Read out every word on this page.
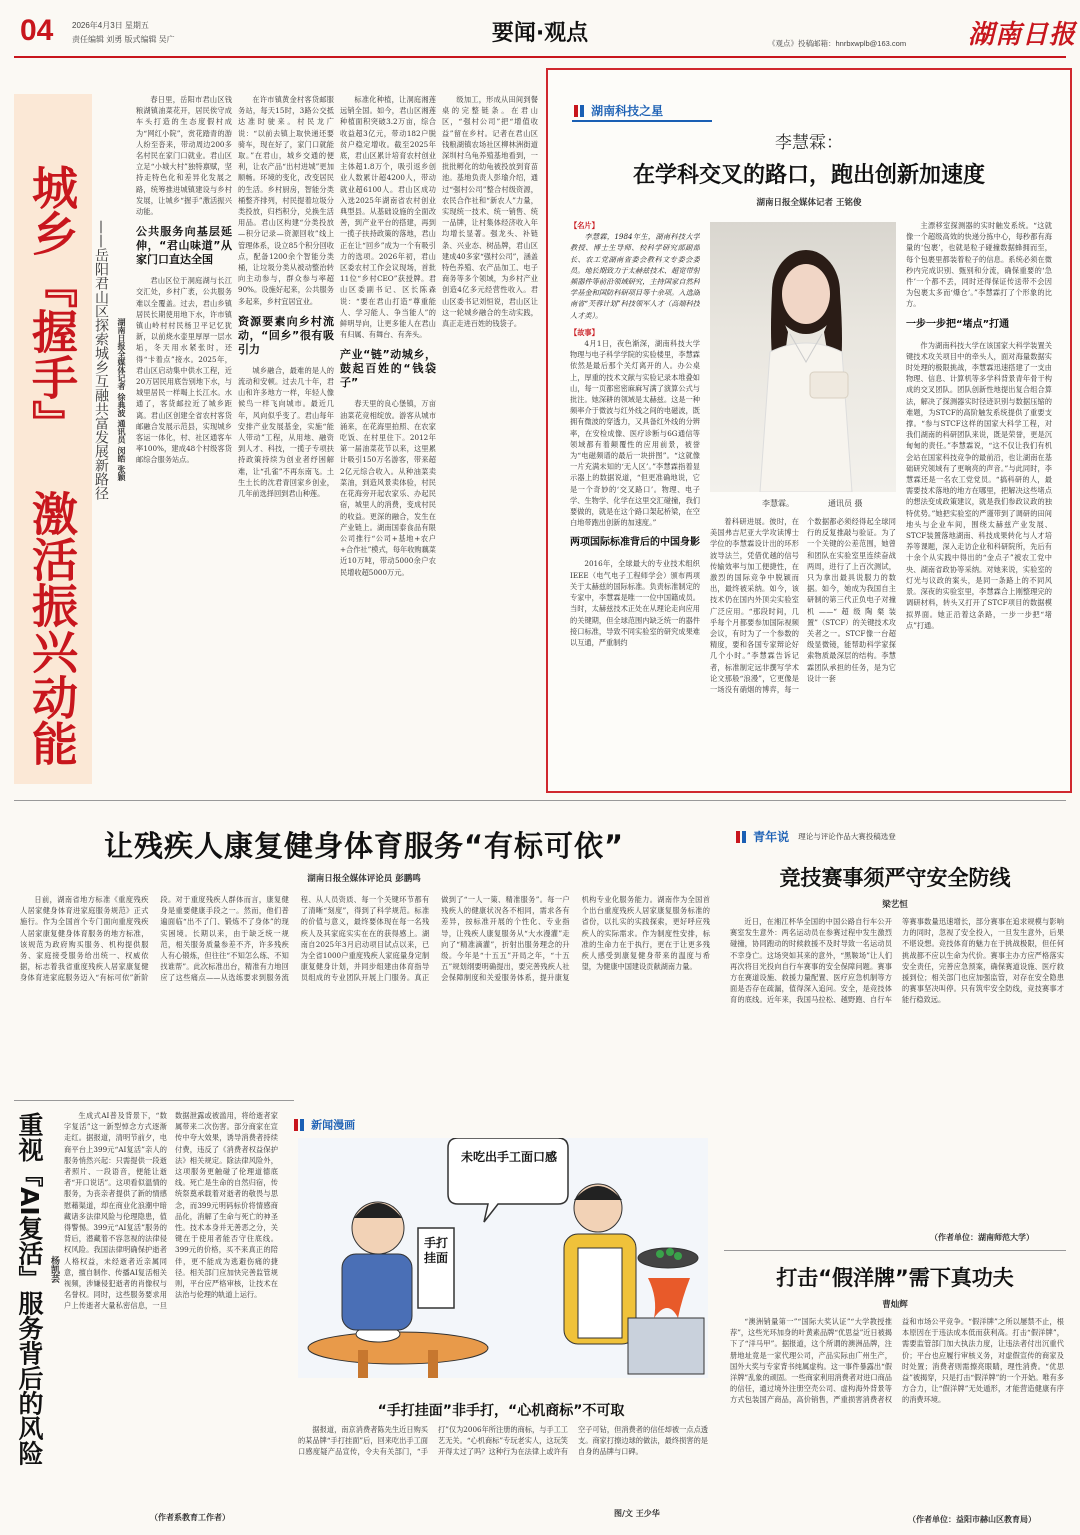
04 2026年4月3日 星期五
责任编辑 刘勇 版式编辑 吴广	要闻·观点	《观点》投稿邮箱：hnrbxwplb@163.com 湖南日报
城乡
『握手』
激活振兴动能
——岳阳君山区探索城乡互融共富发展新路径 湖南日报全媒体记者 徐典波 通讯员 闵皓 张颖

春日里，岳阳市君山区钱粮湖镇油菜花开，居民俟守成车头打造的生态度假村成为“网红小院”，赏花踏青的游人纷至沓来，带动周边200多名村民在家门口就业。君山区立足“小城大村”独特禀赋，坚持走特色化和差异化发展之路，统筹推进城镇建设与乡村发展，让城乡“握手”激活振兴动能。

公共服务向基层延伸，“君山味道”从家门口直达全国

君山区位于洞庭湖与长江交汇处，乡村广袤，公共服务难以全覆盖。过去，君山乡镇居民长期使用地下水，许市镇镇山岭村村民杨卫平记忆犹新，以前烧水壶里厚厚一层水垢，冬天用水紧张时，还得“卡着点”接水。2025年，君山区启动集中供水工程，近20万居民用底告别地下水，与城里居民一样喝上长江水。水通了，客货邮拉近了城乡距离。君山区创建全省农村客货邮融合发展示范县，实现城乡客运一体化，村、社区通客车率100%，建成48个村级客货邮综合服务站点。

在许市镇黄金村客货邮服务站，每天15时，3路公交抵达准时驶来。村民龙广说：“以前去镇上取快递还要骑车，现在好了，家门口就能取。”在君山，城乡交通的便利，让农产品“出村进城”更加顺畅。环境的变化，改变居民的生活。乡村厨房，智能分类桶整齐排列，村民提着垃圾分类投放，归档积分，兑换生活用品。君山区构建“分类投放—积分记录—资源回收”线上管理体系，设立85个积分回收点，配备1200余个智能分类桶，让垃圾分类从被动整治转向主动参与，群众参与率超90%。设施好起来，公共服务多起来，乡村宜居宜业。

资源要素向乡村流动，“回乡”很有吸引力

城乡融合，最难的是人的流动和安顿。过去几十年，君山和许多地方一样，年轻人像候鸟一样飞向城市。最近几年，风向似乎变了。君山每年安排产业发展基金，实施“能人带动”工程，从用地、融资到人才、科技，一揽子专项扶持政策持续为创业者纾困解难，让“孔雀”不再东南飞。土生土长的沈君青回家乡创业，几年前选择回到君山种莲。

标准化种植，让洞庭湘莲远销全国。如今，君山区湘莲种植面积突破3.2万亩，综合收益超3亿元，带动182户脱贫户稳定增收。截至2025年底，君山区累计培育农村创业主体超1.8万个，吸引返乡创业人数累计超4200人，带动就业超6100人。君山区成功入选2025年湖南省农村创业典型县。从基础设施的全面改善，到产业平台的搭建，再到一揽子扶持政策的落地，君山正在让“回乡”成为一个有吸引力的选项。2026年初，君山区委农村工作会议现场，首批11位“乡村CEO”获授牌。君山区委副书记、区长陈森说：“要在君山打造“尊重能人、学习能人、争当能人”的鲜明导向，让更多能人在君山有归属、有舞台、有奔头。

产业“链”动城乡，鼓起百姓的“钱袋子”

春天里的良心堡镇，万亩油菜花竞相绽放。游客从城市涌来，在花海里拍照、在农家吃饭、在村里住下。2012年第一届油菜花节以来，这里累计吸引150万名游客，带来超2亿元综合收入。从种油菜卖菜油，到造风景卖体验，村民在花海旁开起农家乐、办起民宿，城里人的消费，变成村民的收益。更深的融合，发生在产业链上。湖南国泰食品有限公司推行“公司+基地+农户+合作社”模式，每年收购藕菜近10万吨，带动5000余户农民增收超5000万元。

级加工，形成从田间到餐桌的完整链条。在君山区，“强村公司”把“增值收益”留在乡村。记者在君山区钱粮湖镇农场社区柳林洲街道深圳村乌龟养殖基地看到，一批批孵化的幼龟被投放到育苗池。基地负责人彭瑜介绍，通过“强村公司”整合村级资源，农民合作社和“新农人”力量，实现统一技术、统一销售、统一品牌，让村集体经济收入年均增长显著。强龙头、补链条、兴业态、树品牌，君山区建成40多家“强村公司”，涵盖特色养殖、农产品加工、电子商务等多个领域，为乡村产业创造4亿多元经营性收入。君山区委书记刘恒说，君山区让这一轮城乡融合的生动实践，真正走进百姓的钱袋子。

湖南科技之星
李慧霖：
在学科交叉的路口，跑出创新加速度
湖南日报全媒体记者 王铭俊
【名片】

李慧霖，1984年生，湖南科技大学教授、博士生导师、校科学研究部副部长、农工党湖南省委会教科文专委会委员。地长期致力于太赫兹技术、超宽带射频器件等前沿领域研究，主持国家自然科学基金和国防科研项目等十余项。入选湖南省“芙蓉计划”科技领军人才（高端科技人才类）。

【故事】

4月1日，夜色渐深，湖南科技大学物理与电子科学学院的实验楼里，李慧霖依然是最后那个关灯离开的人。办公桌上，厚重的技术文献与实验记录本堆叠如山，每一页都密密麻麻写满了演算公式与批注。她深耕的领域是太赫兹。这是一种频率介于微波与红外线之间的电磁波，既拥有微波的穿透力，又具备红外线的分辨率，在安检成像、医疗诊断与6G通信等领域都有着颠覆性的应用前景，被誉为“电磁频谱的最后一块拼图”。“这就像一片充满未知的‘无人区’。”李慧霖指着显示器上的数据说道，“但更准确地说，它是一个奇妙的‘交叉路口’。物理、电子学、生物学、化学在这里交汇碰撞，我们要做的，就是在这个路口架起桥梁，在空白地带跑出创新的加速度。”

两项国际标准背后的中国身影

2016年，全球最大的专业技术组织IEEE（电气电子工程师学会）颁布两项关于太赫兹的国际标准。负责标准制定的专家中，李慧霖是唯一一位中国籍成员。当时，太赫兹技术正处在从理论走向应用的关键期，但全球范围内缺乏统一的器件接口标准，导致不同实验室的研究成果难以互通，严重制约

李慧霖。	通讯员 摄

着科研进展。彼时，在美国弗吉尼亚大学攻读博士学位的李慧霖设计出的环形波导法兰，凭借优越的信号传输效率与加工便捷性，在激烈的国际竞争中脱颖而出，最终被采纳。如今，该技术仍在国内外顶尖实验室广泛应用。“那段时间，几乎每个月都要参加国际视频会议，有时为了一个参数的精度，要和各国专家辩论好几个小时。”李慧霖告诉记者，标准制定远非撰写学术论文那般“浪漫”，它更像是一场没有硝烟的博弈，每一个数据都必须经得起全球同行的反复推敲与验证。为了一个关键的公差范围，她曾和团队在实验室里连续奋战两周，进行了上百次测试，只为拿出最具说服力的数据。如今，她成为我国自主研制的第三代正负电子对撞机——“超级陶粲装置”（STCF）的关键技术攻关者之一。STCF像一台超级显微镜，能帮助科学家探索物质最深层的结构。李慧霖团队承担的任务，是为它设计一套

主漂移室探测器的实时触发系统。“这就像一个超级高效的快递分拣中心，每秒都有海量的‘包裹’，也就是粒子碰撞数据蜂拥而至，每个包裹里都装着粒子的信息。系统必须在微秒内完成识别、甄别和分流，确保重要的‘急件’一个都不丢，同时还得保证传送带不会因为包裹太多而‘爆仓’。”李慧霖打了个形象的比方。

一步一步把“堵点”打通

作为湖南科技大学在该国家大科学装置关键技术攻关项目中的牵头人，面对海量数据实时处理的极限挑战，李慧霖迅速搭建了一支由物理、信息、计算机等多学科背景青年骨干构成的交叉团队。团队创新性地提出复合组合算法，解决了探测器实时径迹识别与数据压缩的难题，为STCF的高阶触发系统提供了重要支撑。“参与STCF这样的国家大科学工程，对我们湖南的科研团队来说，既是荣誉，更是沉甸甸的责任。”李慧霖说，“这不仅让我们有机会站在国家科技竞争的最前沿，也让湖南在基础研究领域有了更响亮的声音。”与此同时，李慧霖还是一名农工党党员。“搞科研的人，最需要技术落地的地方在哪里，把解决这些堵点的想法变成政策建议，就是我们参政议政的独特优势。”她把实验室的严谨带到了调研的田间地头与企业车间，围绕太赫兹产业发展、STCF装置落地湖南、科技成果转化与人才培养等课题，深入走访企业和科研院所，先后有十余个从实践中得出的“金点子”被农工党中央、湖南省政协等采纳。对她来说，实验室的灯光与议政的案头，是同一条路上的不同风景。深夜的实验室里，李慧霖合上刚整理完的调研材料，转头又打开了STCF项目的数据模拟界面。她正沿着这条路，一步一步把“堵点”打通。

让残疾人康复健身体育服务“有标可依”
湖南日报全媒体评论员 彭鹏鸣

日前，湖南省地方标准《重度残疾人居家健身体育进家庭服务规范》正式施行。作为全国首个专门面向重度残疾人居家康复健身体育服务的地方标准，该规范为政府购买服务、机构提供服务、家庭接受服务给出统一、权威依据，标志着我省重度残疾人居家康复健身体育进家庭服务迈入“有标可依”新阶段。对于重度残疾人群体而言，康复健身是重要健康手段之一。然而，他们普遍面临“出不了门、锻炼不了身体”的现实困境。长期以来，由于缺乏统一规范，相关服务质量参差不齐，许多残疾人有心锻炼，但往往“不知怎么练、不知找谁帮”。此次标准出台，精准有力地回应了这些痛点——从选练要求到服务流程、从人员资质、每一个关键环节都有了清晰“刻度”，得到了科学规范。标准的价值与意义，最终要体现在每一名残疾人及其家庭实实在在的获得感上。湖南自2025年3月启动项目试点以来，已为全省1000户重度残疾人家庭量身定制康复健身计划，并同步组建由体育指导员组成的专业团队开展上门服务。真正做到了“一人一策、精准服务”。每一户残疾人的健康状况各不相同，需求各有差异，按标准开展的个性化、专业指导，让残疾人康复服务从“大水漫灌”走向了“精准滴灌”，折射出服务理念的升级。今年是“十五五”开局之年，“十五五”规划纲要明确提出，要完善残疾人社会保障制度和关爱服务体系，提升康复机构专业化服务能力。湖南作为全国首个出台重度残疾人居家康复服务标准的省份，以扎实的实践探索，更好呼应残疾人的实际需求。作为制度性安排，标准的生命力在于执行，更在于让更多残疾人感受到康复健身带来的温度与希望，为健康中国建设贡献湖南力量。

重视『AI复活』服务背后的风险 杨凯芸

生成式AI普及背景下，“数字复活”这一新型悼念方式逐渐走红。据报道，清明节前夕，电商平台上399元“AI复活”亲人的服务悄然兴起：只需提供一段逝者照片、一段语音，便能让逝者“开口说话”。这项看似温情的服务，为丧亲者提供了新的情感慰藉渠道，却在商业化浪潮中暗藏诸多法律风险与伦理隐患，值得警惕。399元“AI复活”服务的背后，潜藏着不容忽视的法律侵权风险。我国法律明确保护逝者人格权益，未经逝者近亲属同意，擅自制作、传播AI复活相关视频，涉嫌侵犯逝者的肖像权与名誉权。同时，这些服务要求用户上传逝者大量私密信息，一旦数据泄露或被滥用，将给逝者家属带来二次伤害。部分商家在宣传中夸大效果，诱导消费者持续付费，违反了《消费者权益保护法》相关规定。除法律风险外，这项服务更触碰了伦理道德底线。死亡是生命的自然归宿，传统祭奠承载着对逝者的敬畏与思念，而399元明码标价将情感商品化，消解了生命与死亡的神圣性。技术本身并无善恶之分，关键在于使用者能否守住底线。399元的价格，买不来真正的陪伴，更不能成为逃避伤痛的捷径。相关部门应加快完善监管规则，平台应严格审核，让技术在法治与伦理的轨道上运行。

（作者系教育工作者）
新闻漫画
未吃出手工面口感
手打挂面
“手打挂面”非手打，“心机商标”不可取

据报道，南京消费者陈先生近日购买的某品牌“手打挂面”后，回来吃出手工面口感度疑产品宣传，令夫有关部门，“手打”仅为2006年所注册的商标，与手工工艺无关。“心机商标”专玩老实人，这玩笑开得太过了吗？这种行为在法律上或许有空子可钻，但消费者的信任却被一点点透支。商家打擦边球的做法，最终损害的是自身的品牌与口碑。

图/文 王少华
青年说 理论与评论作品大赛投稿选登
竞技赛事须严守安全防线
梁艺恒

近日，在湘江杯华全国的中国公路自行车公开赛室发生意外：两名运动员在参赛过程中发生激烈碰撞，协同跑动的时候救援不及时导致一名运动员不幸身亡。这场突如其来的意外，“黑鞍场”让人们再次将目光投向自行车赛事的安全保障问题。赛事方在赛道设施、救援力量配置、医疗应急机制等方面是否存在疏漏，值得深入追问。安全，是竞技体育的底线。近年来，我国马拉松、越野跑、自行车等赛事数量迅速增长，部分赛事在追求规模与影响力的同时，忽视了安全投入，一旦发生意外，后果不堪设想。竞技体育的魅力在于挑战极限，但任何挑战都不应以生命为代价。赛事主办方应严格落实安全责任，完善应急预案，确保赛道设施、医疗救援到位；相关部门也应加强监管，对存在安全隐患的赛事坚决叫停。只有筑牢安全防线，竞技赛事才能行稳致远。

（作者单位：湖南师范大学）
打击“假洋牌”需下真功夫
曹灿辉

“澳洲销量第一”“国际大奖认证”“大学教授推荐”，这些光环加身的叶黄素品牌“优思益”近日被揭下了“洋马甲”。据报道，这个所谓的澳洲品牌，注册地址竟是一家代理公司，产品实际由广州生产，国外大奖与专家背书纯属虚构。这一事件暴露出“假洋牌”乱象的顽固。一些商家利用消费者对进口商品的信任，通过境外注册空壳公司、虚构海外背景等方式包装国产商品，高价销售，严重损害消费者权益和市场公平竞争。“假洋牌”之所以屡禁不止，根本原因在于违法成本低而获利高。打击“假洋牌”，需要监管部门加大执法力度，让违法者付出沉重代价；平台也应履行审核义务，对虚假宣传的商家及时处置；消费者则需擦亮眼睛，理性消费。“优思益”被揭穿，只是打击“假洋牌”的一个开始。唯有多方合力，让“假洋牌”无处遁形，才能营造健康有序的消费环境。

（作者单位：益阳市赫山区教育局）
